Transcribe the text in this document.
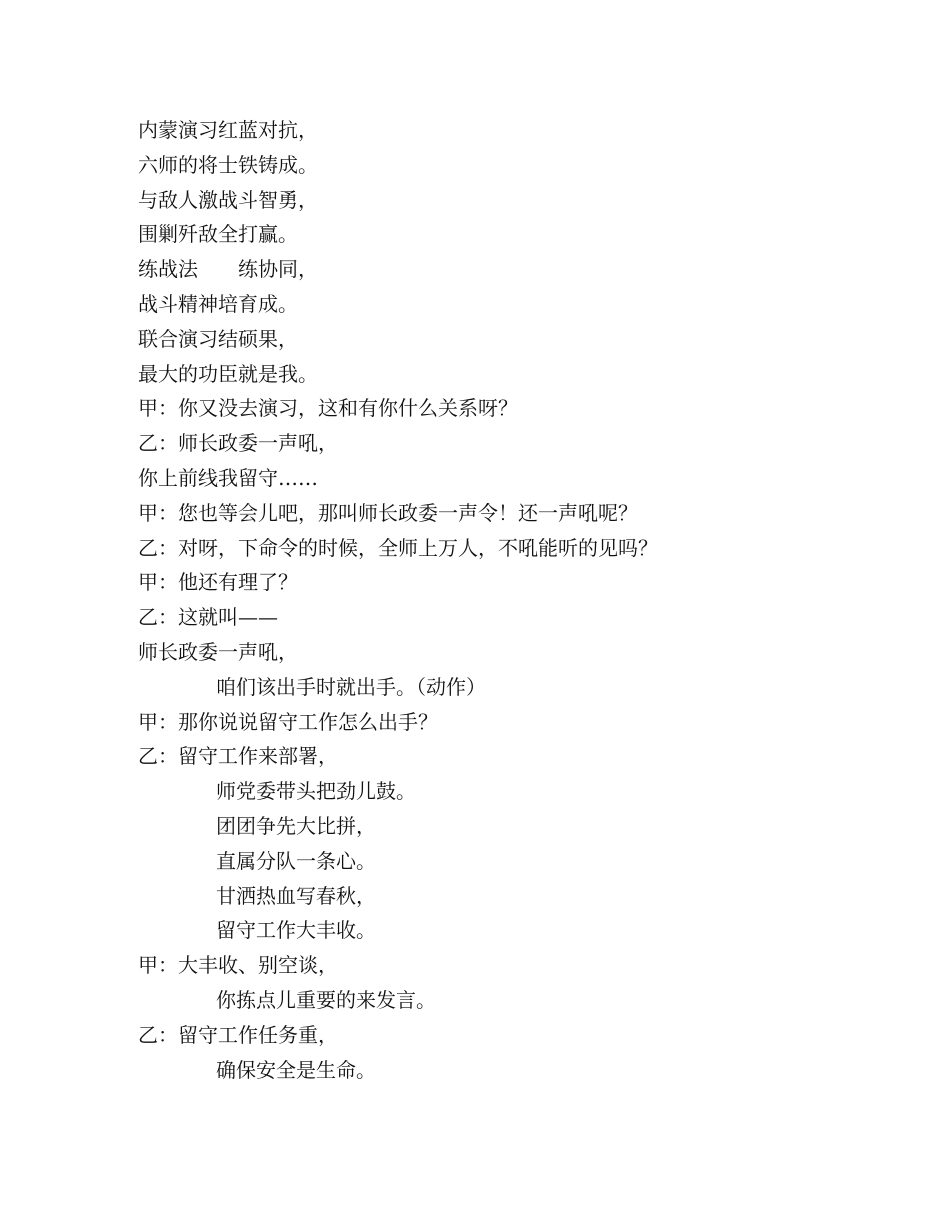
内蒙演习红蓝对抗，
六师的将士铁铸成。
与敌人激战斗智勇，
围剿歼敌全打赢。
练战法　　练协同，
战斗精神培育成。
联合演习结硕果，
最大的功臣就是我。
甲：你又没去演习，这和有你什么关系呀？
乙：师长政委一声吼，
你上前线我留守……
甲：您也等会儿吧，那叫师长政委一声令！还一声吼呢？
乙：对呀，下命令的时候，全师上万人，不吼能听的见吗？
甲：他还有理了？
乙：这就叫——
师长政委一声吼，
咱们该出手时就出手。（动作）
甲：那你说说留守工作怎么出手？
乙：留守工作来部署，
师党委带头把劲儿鼓。
团团争先大比拼，
直属分队一条心。
甘洒热血写春秋，
留守工作大丰收。
甲：大丰收、别空谈，
你拣点儿重要的来发言。
乙：留守工作任务重，
确保安全是生命。
